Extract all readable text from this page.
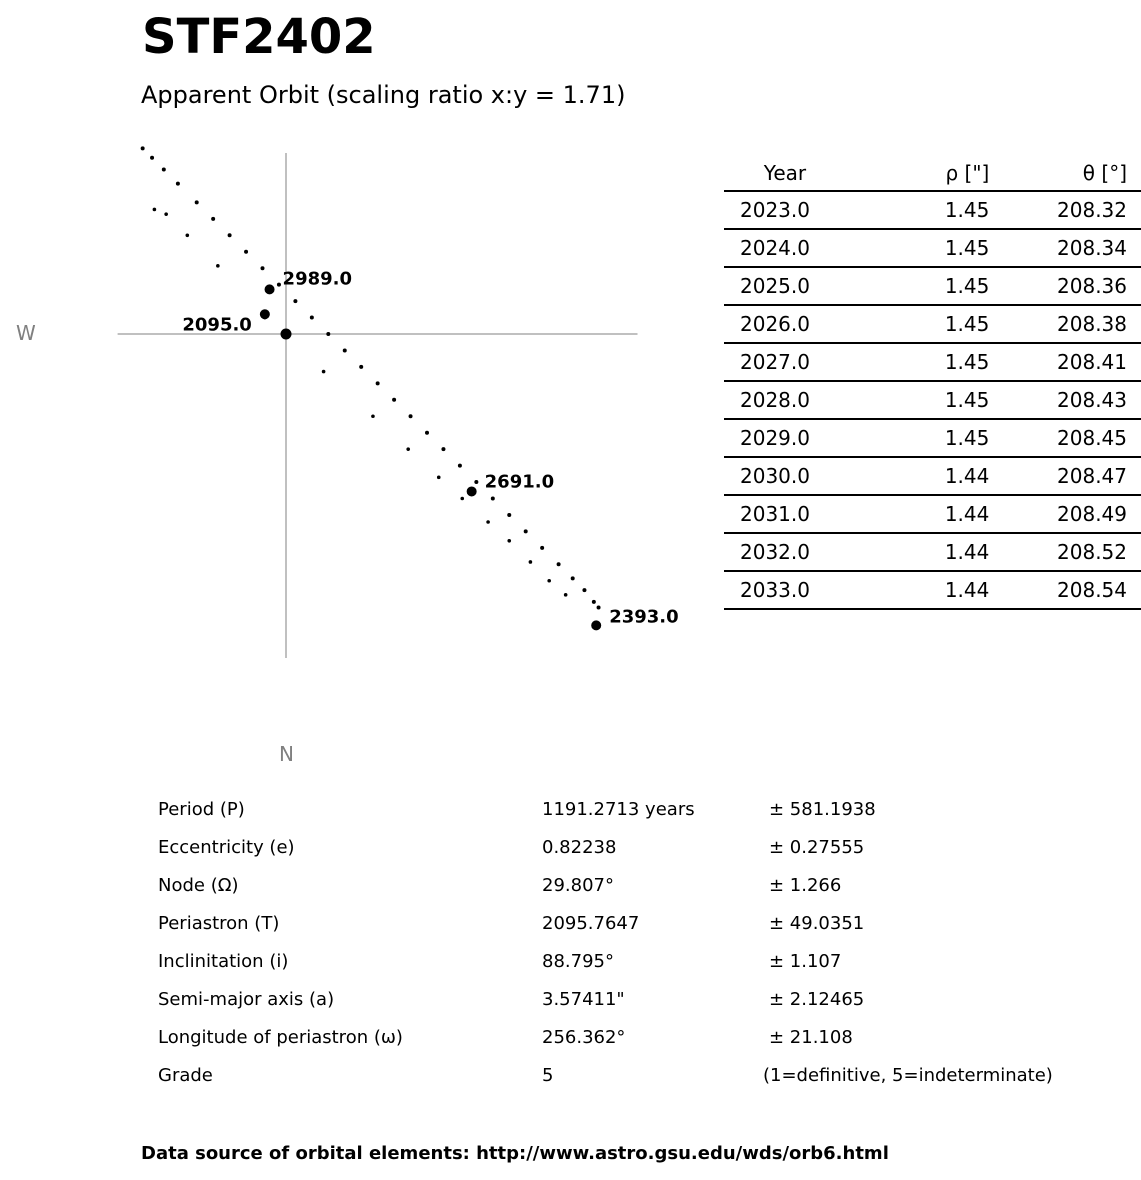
STF2402
Apparent Orbit (scaling ratio x:y = 1.71)
2989.0
2095.0
2691.0
2393.0
W
N
Year	ρ ["]	θ [°]
2023.0	1.45	208.32
2024.0	1.45	208.34
2025.0	1.45	208.36
2026.0	1.45	208.38
2027.0	1.45	208.41
2028.0	1.45	208.43
2029.0	1.45	208.45
2030.0	1.44	208.47
2031.0	1.44	208.49
2032.0	1.44	208.52
2033.0	1.44	208.54
Period (P)	1191.2713 years	± 581.1938
Eccentricity (e)	0.82238	± 0.27555
Node (Ω)	29.807°	± 1.266
Periastron (T)	2095.7647	± 49.0351
Inclinitation (i)	88.795°	± 1.107
Semi-major axis (a)	3.57411"	± 2.12465
Longitude of periastron (ω)	256.362°	± 21.108
Grade	5	(1=definitive, 5=indeterminate)
Data source of orbital elements: http://www.astro.gsu.edu/wds/orb6.html
